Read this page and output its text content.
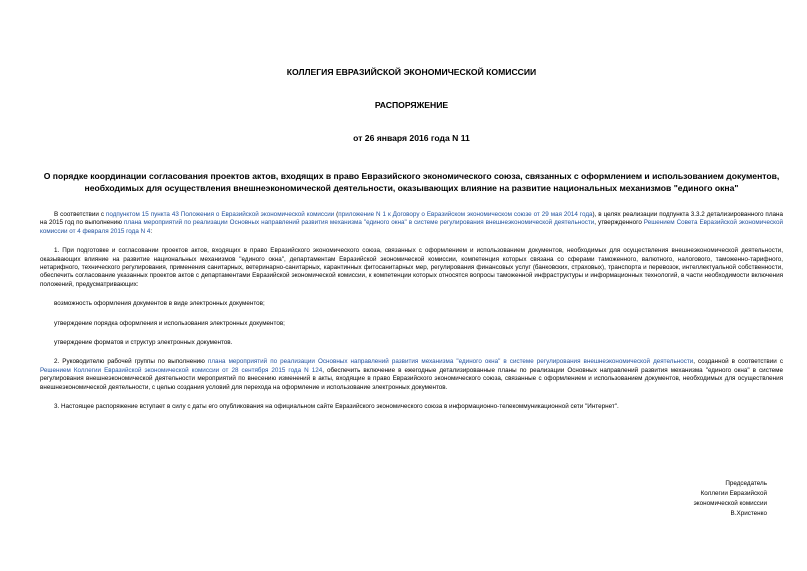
КОЛЛЕГИЯ ЕВРАЗИЙСКОЙ ЭКОНОМИЧЕСКОЙ КОМИССИИ

РАСПОРЯЖЕНИЕ

от 26 января 2016 года N 11

О порядке координации согласования проектов актов, входящих в право Евразийского экономического союза, связанных с оформлением и использованием документов, необходимых для осуществления внешнеэкономической деятельности, оказывающих влияние на развитие национальных механизмов "единого окна"

В соответствии с подпунктом 15 пункта 43 Положения о Евразийской экономической комиссии (приложение N 1 к Договору о Евразийском экономическом союзе от 29 мая 2014 года), в целях реализации подпункта 3.3.2 детализированного плана на 2015 год по выполнению плана мероприятий по реализации Основных направлений развития механизма "единого окна" в системе регулирования внешнеэкономической деятельности, утвержденного Решением Совета Евразийской экономической комиссии от 4 февраля 2015 года N 4:

1. При подготовке и согласовании проектов актов, входящих в право Евразийского экономического союза, связанных с оформлением и использованием документов, необходимых для осуществления внешнеэкономической деятельности, оказывающих влияние на развитие национальных механизмов "единого окна", департаментам Евразийской экономической комиссии, компетенция которых связана со сферами таможенного, валютного, налогового, таможенно-тарифного, нетарифного, технического регулирования, применения санитарных, ветеринарно-санитарных, карантинных фитосанитарных мер, регулирования финансовых услуг (банковских, страховых), транспорта и перевозок, интеллектуальной собственности, обеспечить согласование указанных проектов актов с департаментами Евразийской экономической комиссии, к компетенции которых относятся вопросы таможенной инфраструктуры и информационных технологий, в части необходимости включения положений, предусматривающих:

возможность оформления документов в виде электронных документов;

утверждение порядка оформления и использования электронных документов;

утверждение форматов и структур электронных документов.

2. Руководителю рабочей группы по выполнению плана мероприятий по реализации Основных направлений развития механизма "единого окна" в системе регулирования внешнеэкономической деятельности, созданной в соответствии с Решением Коллегии Евразийской экономической комиссии от 28 сентября 2015 года N 124, обеспечить включение в ежегодные детализированные планы по реализации Основных направлений развития механизма "единого окна" в системе регулирования внешнеэкономической деятельности мероприятий по внесению изменений в акты, входящие в право Евразийского экономического союза, связанные с оформлением и использованием документов, необходимых для осуществления внешнеэкономической деятельности, с целью создания условий для перехода на оформление и использование электронных документов.

3. Настоящее распоряжение вступает в силу с даты его опубликования на официальном сайте Евразийского экономического союза в информационно-телекоммуникационной сети "Интернет".

Председатель
Коллегии Евразийской
экономической комиссии
В.Христенко
